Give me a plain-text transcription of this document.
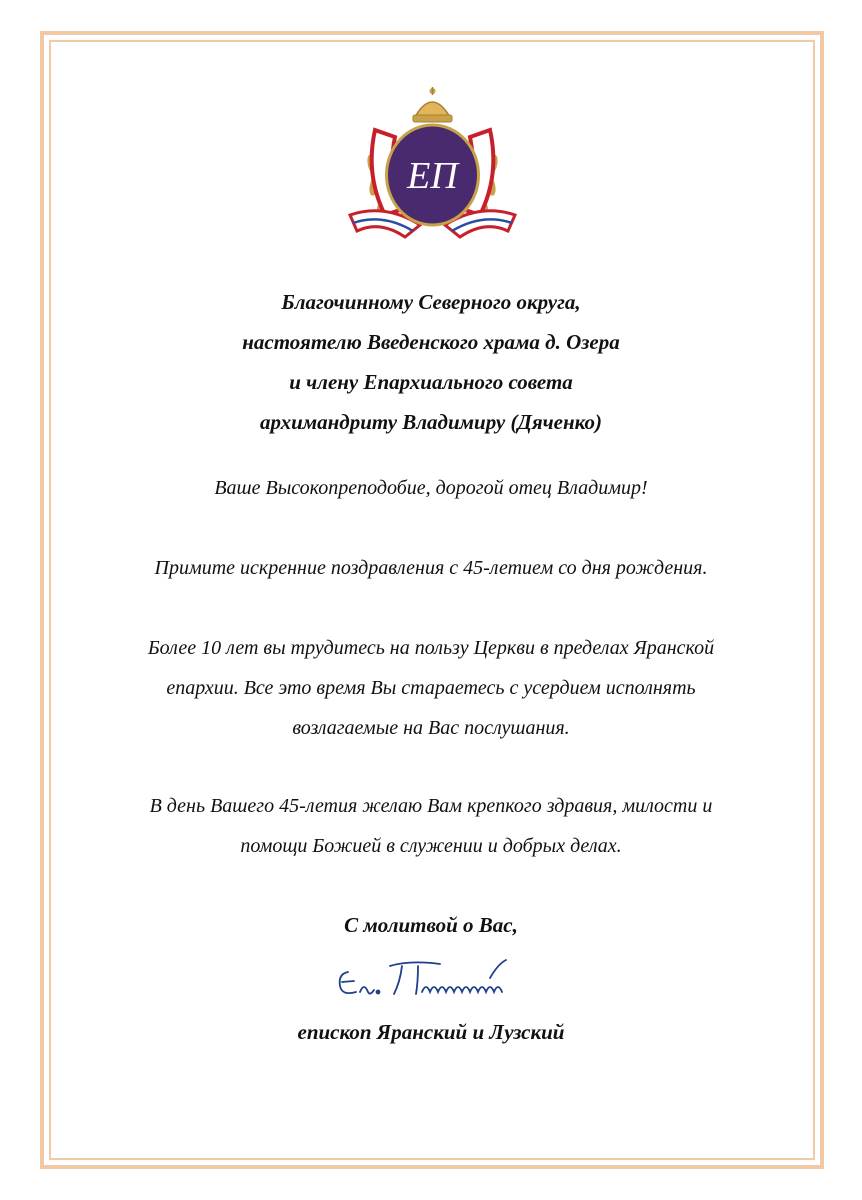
ЕП
Благочинному Северного округа,
настоятелю Введенского храма д. Озера
и члену Епархиального совета
архимандриту Владимиру (Дяченко)
Ваше Высокопреподобие, дорогой отец Владимир!
Примите искренние поздравления с 45-летием со дня рождения.
Более 10 лет вы трудитесь на пользу Церкви в пределах Яранской
епархии. Все это время Вы стараетесь с усердием исполнять
возлагаемые на Вас послушания.
В день Вашего 45-летия желаю Вам крепкого здравия, милости и
помощи Божией в служении и добрых делах.
С молитвой о Вас,
епископ Яранский и Лузский
